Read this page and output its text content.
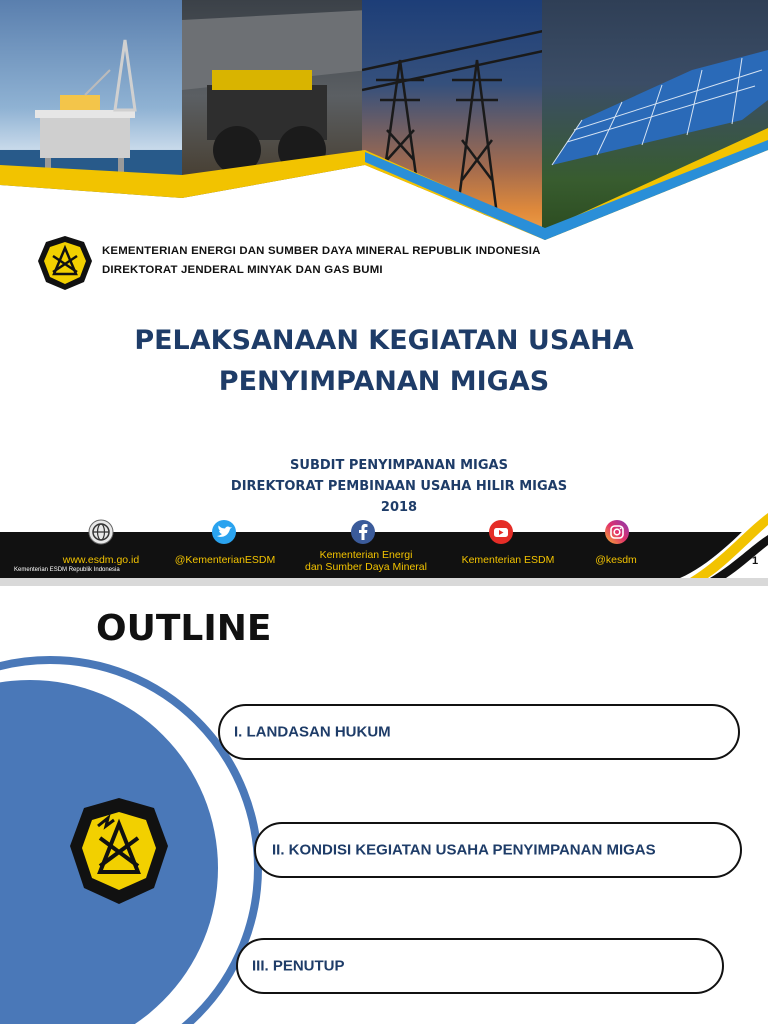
KEMENTERIAN ENERGI DAN SUMBER DAYA MINERAL REPUBLIK INDONESIA
DIREKTORAT JENDERAL MINYAK DAN GAS BUMI
PELAKSANAAN KEGIATAN USAHA
PENYIMPANAN MIGAS
SUBDIT PENYIMPANAN MIGAS
DIREKTORAT PEMBINAAN USAHA HILIR MIGAS
2018
www.esdm.go.id	@KementerianESDM	Kementerian Energi
dan Sumber Daya Mineral
Kementerian ESDM	@kesdm
Kementerian ESDM Republik Indonesia
1
OUTLINE
I. LANDASAN HUKUM
II. KONDISI KEGIATAN USAHA PENYIMPANAN MIGAS
III. PENUTUP
